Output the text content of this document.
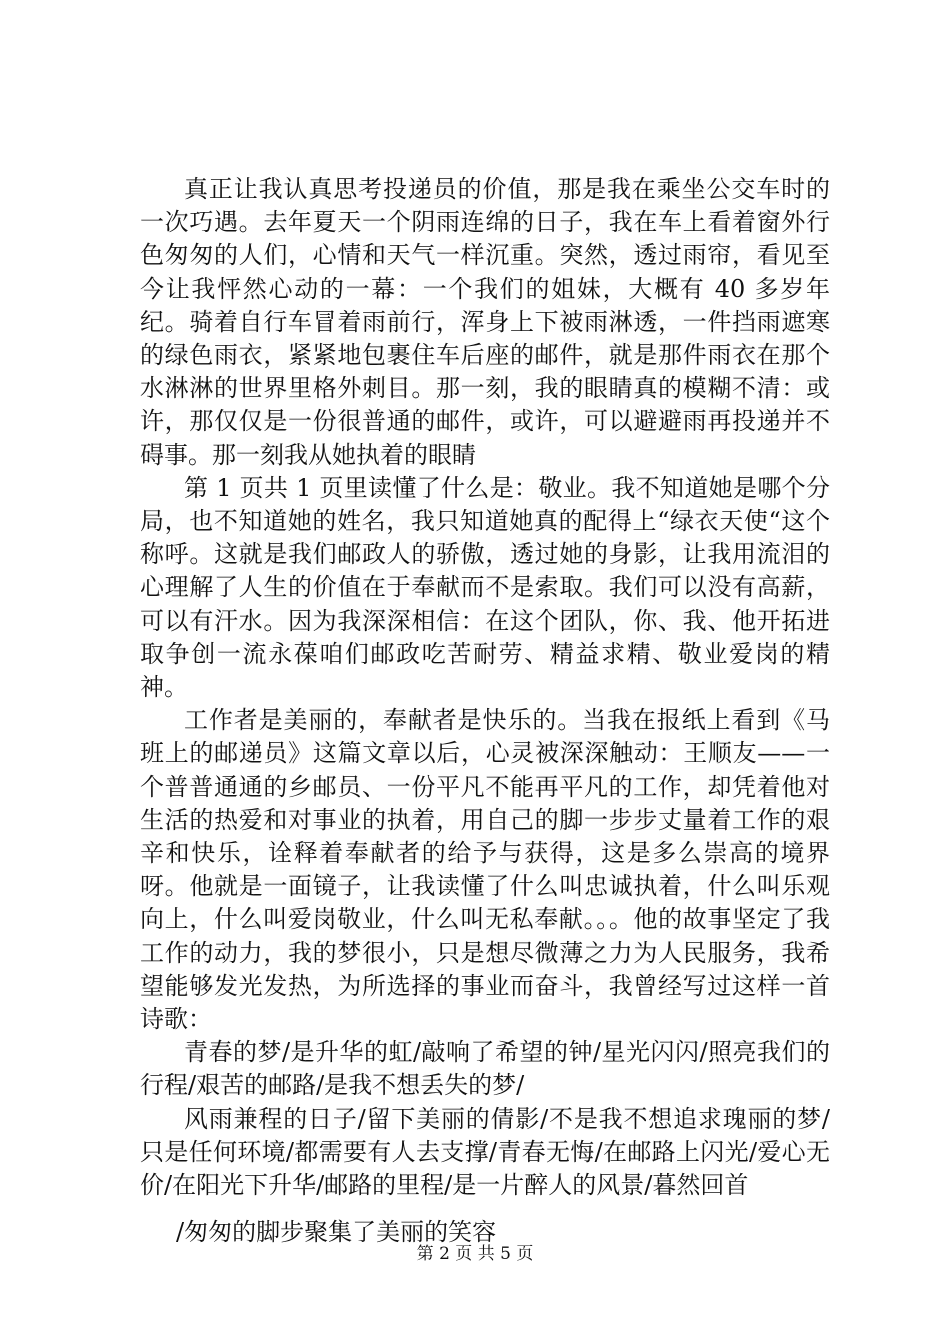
真正让我认真思考投递员的价值，那是我在乘坐公交车时的一次巧遇。去年夏天一个阴雨连绵的日子，我在车上看着窗外行色匆匆的人们，心情和天气一样沉重。突然，透过雨帘，看见至今让我怦然心动的一幕：一个我们的姐妹，大概有 40 多岁年纪。骑着自行车冒着雨前行，浑身上下被雨淋透，一件挡雨遮寒的绿色雨衣，紧紧地包裹住车后座的邮件，就是那件雨衣在那个水淋淋的世界里格外刺目。那一刻，我的眼睛真的模糊不清：或许，那仅仅是一份很普通的邮件，或许，可以避避雨再投递并不碍事。那一刻我从她执着的眼睛

第 1 页共 1 页里读懂了什么是：敬业。我不知道她是哪个分局，也不知道她的姓名，我只知道她真的配得上“绿衣天使“这个称呼。这就是我们邮政人的骄傲，透过她的身影，让我用流泪的心理解了人生的价值在于奉献而不是索取。我们可以没有高薪，可以有汗水。因为我深深相信：在这个团队，你、我、他开拓进取争创一流永葆咱们邮政吃苦耐劳、精益求精、敬业爱岗的精神。

工作者是美丽的，奉献者是快乐的。当我在报纸上看到《马班上的邮递员》这篇文章以后，心灵被深深触动：王顺友——一个普普通通的乡邮员、一份平凡不能再平凡的工作，却凭着他对生活的热爱和对事业的执着，用自己的脚一步步丈量着工作的艰辛和快乐，诠释着奉献者的给予与获得，这是多么崇高的境界呀。他就是一面镜子，让我读懂了什么叫忠诚执着，什么叫乐观向上，什么叫爱岗敬业，什么叫无私奉献。。。他的故事坚定了我工作的动力，我的梦很小，只是想尽微薄之力为人民服务，我希望能够发光发热，为所选择的事业而奋斗，我曾经写过这样一首诗歌：

青春的梦/是升华的虹/敲响了希望的钟/星光闪闪/照亮我们的行程/艰苦的邮路/是我不想丢失的梦/

风雨兼程的日子/留下美丽的倩影/不是我不想追求瑰丽的梦/只是任何环境/都需要有人去支撑/青春无悔/在邮路上闪光/爱心无价/在阳光下升华/邮路的里程/是一片醉人的风景/暮然回首

/匆匆的脚步聚集了美丽的笑容

第 2 页 共 5 页
